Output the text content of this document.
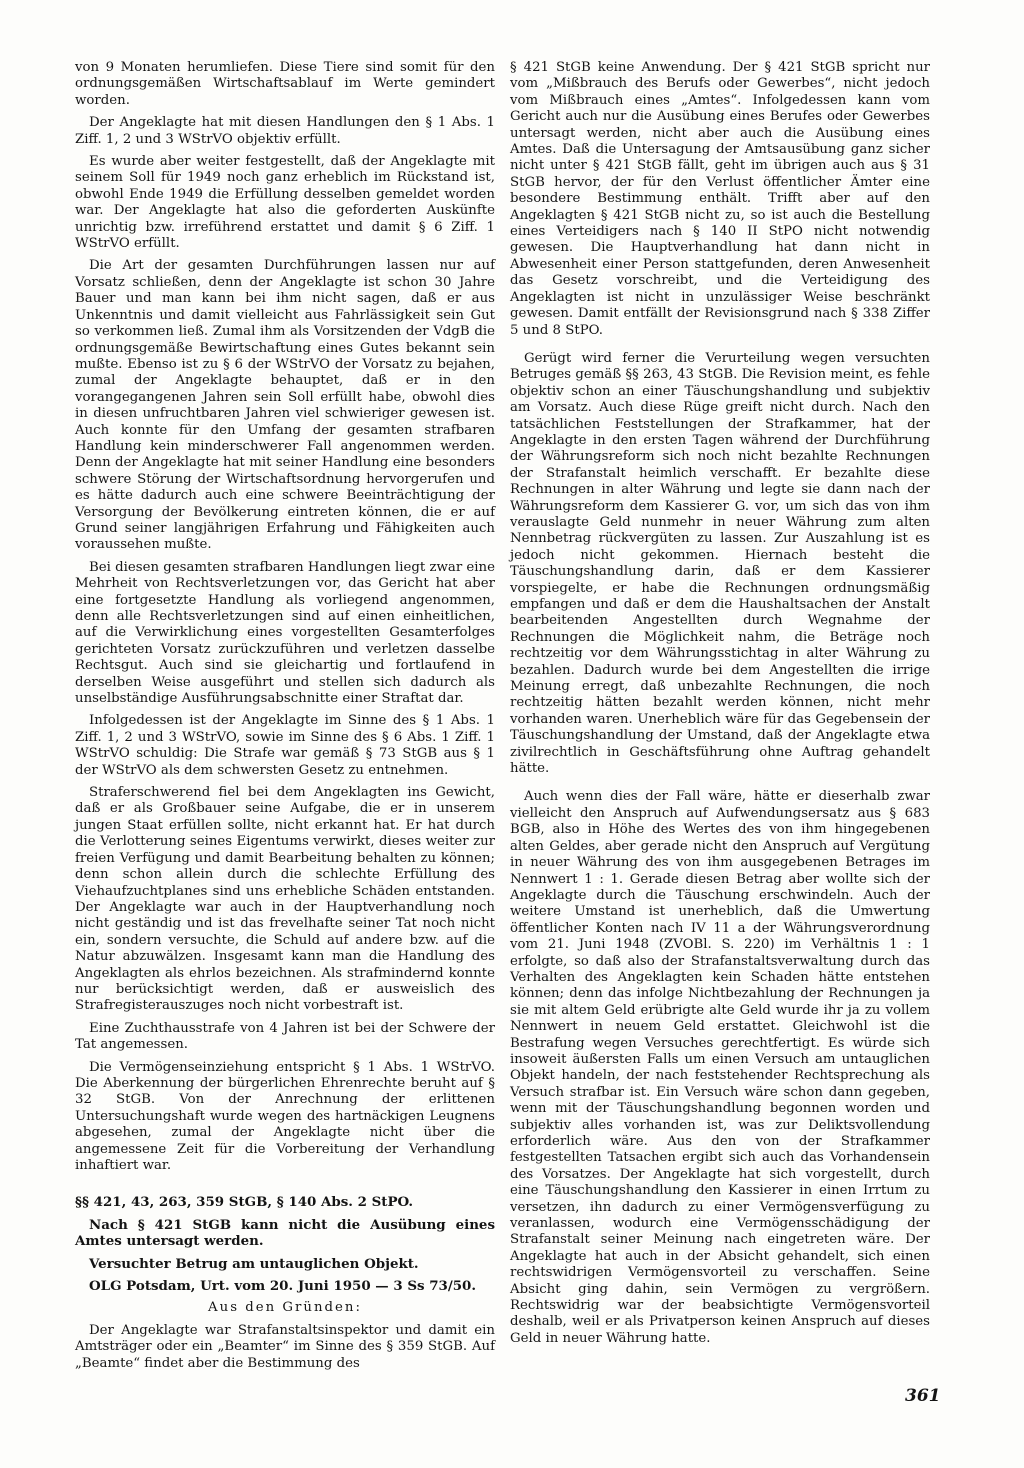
von 9 Monaten herumliefen. Diese Tiere sind somit für den ordnungsgemäßen Wirtschaftsablauf im Werte gemindert worden.

Der Angeklagte hat mit diesen Handlungen den § 1 Abs. 1 Ziff. 1, 2 und 3 WStrVO objektiv erfüllt.

Es wurde aber weiter festgestellt, daß der Angeklagte mit seinem Soll für 1949 noch ganz erheblich im Rückstand ist, obwohl Ende 1949 die Erfüllung desselben gemeldet worden war. Der Angeklagte hat also die geforderten Auskünfte unrichtig bzw. irreführend erstattet und damit § 6 Ziff. 1 WStrVO erfüllt.

Die Art der gesamten Durchführungen lassen nur auf Vorsatz schließen, denn der Angeklagte ist schon 30 Jahre Bauer und man kann bei ihm nicht sagen, daß er aus Unkenntnis und damit vielleicht aus Fahrlässigkeit sein Gut so verkommen ließ. Zumal ihm als Vorsitzenden der VdgB die ordnungsgemäße Bewirtschaftung eines Gutes bekannt sein mußte. Ebenso ist zu § 6 der WStrVO der Vorsatz zu bejahen, zumal der Angeklagte behauptet, daß er in den vorangegangenen Jahren sein Soll erfüllt habe, obwohl dies in diesen unfruchtbaren Jahren viel schwieriger gewesen ist. Auch konnte für den Umfang der gesamten strafbaren Handlung kein minderschwerer Fall angenommen werden. Denn der Angeklagte hat mit seiner Handlung eine besonders schwere Störung der Wirtschaftsordnung hervorgerufen und es hätte dadurch auch eine schwere Beeinträchtigung der Versorgung der Bevölkerung eintreten können, die er auf Grund seiner langjährigen Erfahrung und Fähigkeiten auch voraussehen mußte.

Bei diesen gesamten strafbaren Handlungen liegt zwar eine Mehrheit von Rechtsverletzungen vor, das Gericht hat aber eine fortgesetzte Handlung als vorliegend angenommen, denn alle Rechtsverletzungen sind auf einen einheitlichen, auf die Verwirklichung eines vorgestellten Gesamterfolges gerichteten Vorsatz zurückzuführen und verletzen dasselbe Rechtsgut. Auch sind sie gleichartig und fortlaufend in derselben Weise ausgeführt und stellen sich dadurch als unselbständige Ausführungsabschnitte einer Straftat dar.

Infolgedessen ist der Angeklagte im Sinne des § 1 Abs. 1 Ziff. 1, 2 und 3 WStrVO, sowie im Sinne des § 6 Abs. 1 Ziff. 1 WStrVO schuldig: Die Strafe war gemäß § 73 StGB aus § 1 der WStrVO als dem schwersten Gesetz zu entnehmen.

Straferschwerend fiel bei dem Angeklagten ins Gewicht, daß er als Großbauer seine Aufgabe, die er in unserem jungen Staat erfüllen sollte, nicht erkannt hat. Er hat durch die Verlotterung seines Eigentums verwirkt, dieses weiter zur freien Verfügung und damit Bearbeitung behalten zu können; denn schon allein durch die schlechte Erfüllung des Viehaufzuchtplanes sind uns erhebliche Schäden entstanden. Der Angeklagte war auch in der Hauptverhandlung noch nicht geständig und ist das frevelhafte seiner Tat noch nicht ein, sondern versuchte, die Schuld auf andere bzw. auf die Natur abzuwälzen. Insgesamt kann man die Handlung des Angeklagten als ehrlos bezeichnen. Als strafmindernd konnte nur berücksichtigt werden, daß er ausweislich des Strafregisterauszuges noch nicht vorbestraft ist.

Eine Zuchthausstrafe von 4 Jahren ist bei der Schwere der Tat angemessen.

Die Vermögenseinziehung entspricht § 1 Abs. 1 WStrVO. Die Aberkennung der bürgerlichen Ehrenrechte beruht auf § 32 StGB. Von der Anrechnung der erlittenen Untersuchungshaft wurde wegen des hartnäckigen Leugnens abgesehen, zumal der Angeklagte nicht über die angemessene Zeit für die Vorbereitung der Verhandlung inhaftiert war.

§§ 421, 43, 263, 359 StGB, § 140 Abs. 2 StPO.

Nach § 421 StGB kann nicht die Ausübung eines Amtes untersagt werden.

Versuchter Betrug am untauglichen Objekt.

OLG Potsdam, Urt. vom 20. Juni 1950 — 3 Ss 73/50.

Aus den Gründen:

Der Angeklagte war Strafanstaltsinspektor und damit ein Amtsträger oder ein „Beamter“ im Sinne des § 359 StGB. Auf „Beamte“ findet aber die Bestimmung des

§ 421 StGB keine Anwendung. Der § 421 StGB spricht nur vom „Mißbrauch des Berufs oder Gewerbes“, nicht jedoch vom Mißbrauch eines „Amtes“. Infolgedessen kann vom Gericht auch nur die Ausübung eines Berufes oder Gewerbes untersagt werden, nicht aber auch die Ausübung eines Amtes. Daß die Untersagung der Amtsausübung ganz sicher nicht unter § 421 StGB fällt, geht im übrigen auch aus § 31 StGB hervor, der für den Verlust öffentlicher Ämter eine besondere Bestimmung enthält. Trifft aber auf den Angeklagten § 421 StGB nicht zu, so ist auch die Bestellung eines Verteidigers nach § 140 II StPO nicht notwendig gewesen. Die Hauptverhandlung hat dann nicht in Abwesenheit einer Person stattgefunden, deren Anwesenheit das Gesetz vorschreibt, und die Verteidigung des Angeklagten ist nicht in unzulässiger Weise beschränkt gewesen. Damit entfällt der Revisionsgrund nach § 338 Ziffer 5 und 8 StPO.

Gerügt wird ferner die Verurteilung wegen versuchten Betruges gemäß §§ 263, 43 StGB. Die Revision meint, es fehle objektiv schon an einer Täuschungshandlung und subjektiv am Vorsatz. Auch diese Rüge greift nicht durch. Nach den tatsächlichen Feststellungen der Strafkammer, hat der Angeklagte in den ersten Tagen während der Durchführung der Währungsreform sich noch nicht bezahlte Rechnungen der Strafanstalt heimlich verschafft. Er bezahlte diese Rechnungen in alter Währung und legte sie dann nach der Währungsreform dem Kassierer G. vor, um sich das von ihm verauslagte Geld nunmehr in neuer Währung zum alten Nennbetrag rückvergüten zu lassen. Zur Auszahlung ist es jedoch nicht gekommen. Hiernach besteht die Täuschungshandlung darin, daß er dem Kassierer vorspiegelte, er habe die Rechnungen ordnungsmäßig empfangen und daß er dem die Haushaltsachen der Anstalt bearbeitenden Angestellten durch Wegnahme der Rechnungen die Möglichkeit nahm, die Beträge noch rechtzeitig vor dem Währungsstichtag in alter Währung zu bezahlen. Dadurch wurde bei dem Angestellten die irrige Meinung erregt, daß unbezahlte Rechnungen, die noch rechtzeitig hätten bezahlt werden können, nicht mehr vorhanden waren. Unerheblich wäre für das Gegebensein der Täuschungshandlung der Umstand, daß der Angeklagte etwa zivilrechtlich in Geschäftsführung ohne Auftrag gehandelt hätte.

Auch wenn dies der Fall wäre, hätte er dieserhalb zwar vielleicht den Anspruch auf Aufwendungsersatz aus § 683 BGB, also in Höhe des Wertes des von ihm hingegebenen alten Geldes, aber gerade nicht den Anspruch auf Vergütung in neuer Währung des von ihm ausgegebenen Betrages im Nennwert 1 : 1. Gerade diesen Betrag aber wollte sich der Angeklagte durch die Täuschung erschwindeln. Auch der weitere Umstand ist unerheblich, daß die Umwertung öffentlicher Konten nach IV 11 a der Währungsverordnung vom 21. Juni 1948 (ZVOBl. S. 220) im Verhältnis 1 : 1 erfolgte, so daß also der Strafanstaltsverwaltung durch das Verhalten des Angeklagten kein Schaden hätte entstehen können; denn das infolge Nichtbezahlung der Rechnungen ja sie mit altem Geld erübrigte alte Geld wurde ihr ja zu vollem Nennwert in neuem Geld erstattet. Gleichwohl ist die Bestrafung wegen Versuches gerechtfertigt. Es würde sich insoweit äußersten Falls um einen Versuch am untauglichen Objekt handeln, der nach feststehender Rechtsprechung als Versuch strafbar ist. Ein Versuch wäre schon dann gegeben, wenn mit der Täuschungshandlung begonnen worden und subjektiv alles vorhanden ist, was zur Deliktsvollendung erforderlich wäre. Aus den von der Strafkammer festgestellten Tatsachen ergibt sich auch das Vorhandensein des Vorsatzes. Der Angeklagte hat sich vorgestellt, durch eine Täuschungshandlung den Kassierer in einen Irrtum zu versetzen, ihn dadurch zu einer Vermögensverfügung zu veranlassen, wodurch eine Vermögensschädigung der Strafanstalt seiner Meinung nach eingetreten wäre. Der Angeklagte hat auch in der Absicht gehandelt, sich einen rechtswidrigen Vermögensvorteil zu verschaffen. Seine Absicht ging dahin, sein Vermögen zu vergrößern. Rechtswidrig war der beabsichtigte Vermögensvorteil deshalb, weil er als Privatperson keinen Anspruch auf dieses Geld in neuer Währung hatte.

361
